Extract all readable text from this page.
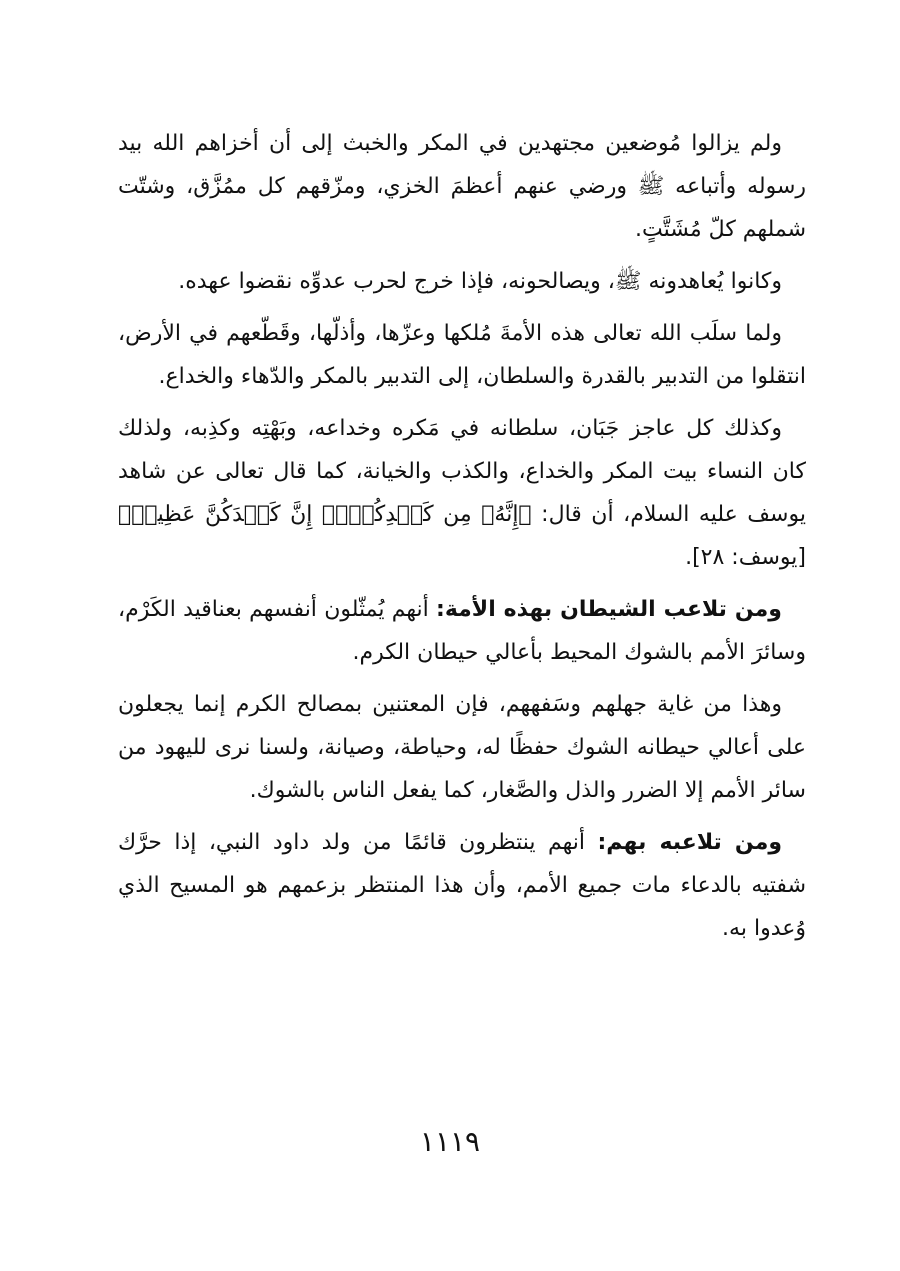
ولم يزالوا مُوضعين مجتهدين في المكر والخبث إلى أن أخزاهم الله بيد رسوله وأتباعه ﷺ ورضي عنهم أعظمَ الخزي، ومزّقهم كل ممُزَّق، وشتّت شملهم كلّ مُشَتَّتٍ.

وكانوا يُعاهدونه ﷺ، ويصالحونه، فإذا خرج لحرب عدوِّه نقضوا عهده.

ولما سلَب الله تعالى هذه الأمةَ مُلكها وعزّها، وأذلّها، وقَطّعهم في الأرض، انتقلوا من التدبير بالقدرة والسلطان، إلى التدبير بالمكر والدّهاء والخداع.

وكذلك كل عاجز جَبَان، سلطانه في مَكره وخداعه، وبَهْتِه وكذِبه، ولذلك كان النساء بيت المكر والخداع، والكذب والخيانة، كما قال تعالى عن شاهد يوسف عليه السلام، أن قال: ﴿إِنَّهُۥ مِن كَيۡدِكُنَّۖ إِنَّ كَيۡدَكُنَّ عَظِيمٞ﴾ [يوسف: ٢٨].

ومن تلاعب الشيطان بهذه الأمة: أنهم يُمثّلون أنفسهم بعناقيد الكَرْم، وسائرَ الأمم بالشوك المحيط بأعالي حيطان الكرم.

وهذا من غاية جهلهم وسَفههم، فإن المعتنين بمصالح الكرم إنما يجعلون على أعالي حيطانه الشوك حفظًا له، وحياطة، وصيانة، ولسنا نرى لليهود من سائر الأمم إلا الضرر والذل والصَّغار، كما يفعل الناس بالشوك.

ومن تلاعبه بهم: أنهم ينتظرون قائمًا من ولد داود النبي، إذا حرَّك شفتيه بالدعاء مات جميع الأمم، وأن هذا المنتظر بزعمهم هو المسيح الذي وُعدوا به.

١١١٩
